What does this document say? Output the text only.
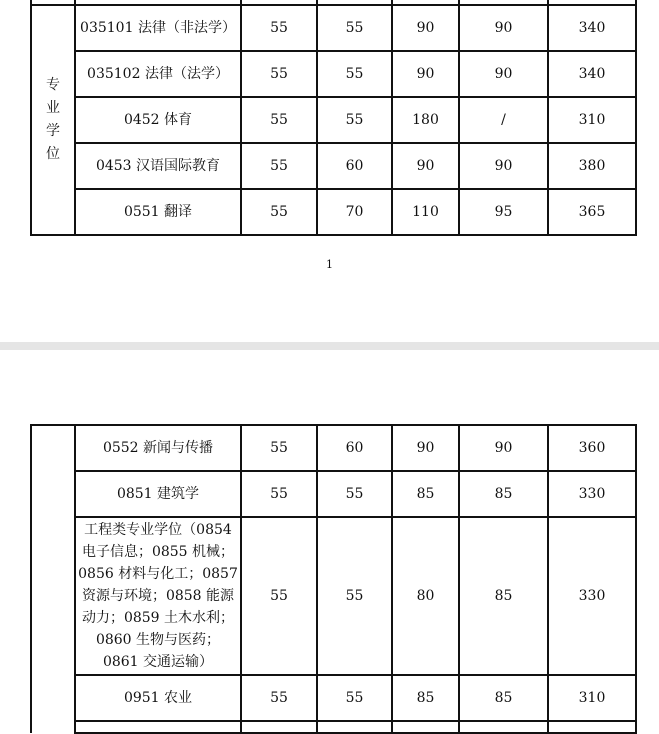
专业学位	035101 法律（非法学）	55	55	90	90	340
	035102 法律（法学）	55	55	90	90	340
	0452 体育	55	55	180	/	310
	0453 汉语国际教育	55	60	90	90	380
	0551 翻译	55	70	110	95	365
1
	0552 新闻与传播	55	60	90	90	360
	0851 建筑学	55	55	85	85	330
	工程类专业学位（0854 电子信息；0855 机械；0856 材料与化工；0857 资源与环境；0858 能源动力；0859 土木水利；0860 生物与医药； 0861 交通运输）	55	55	80	85	330
	0951 农业	55	55	85	85	310
